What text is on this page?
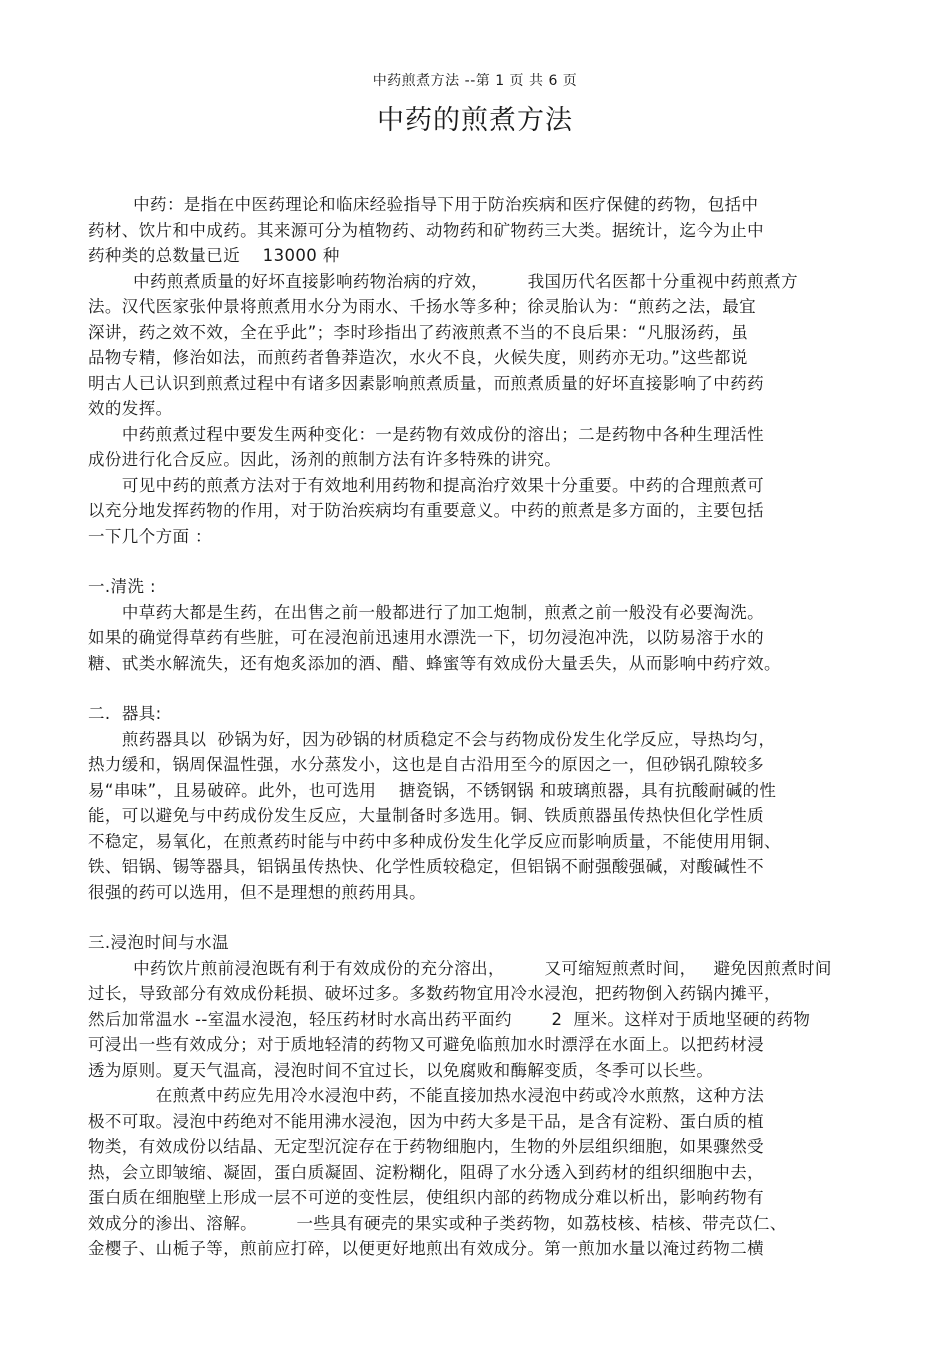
中药煎煮方法 --第 1 页 共 6 页
中药的煎煮方法
中药：是指在中医药理论和临床经验指导下用于防治疾病和医疗保健的药物，包括中
药材、饮片和中成药。其来源可分为植物药、动物药和矿物药三大类。据统计，迄今为止中
药种类的总数量已近    13000 种
中药煎煮质量的好坏直接影响药物治病的疗效，       我国历代名医都十分重视中药煎煮方
法。汉代医家张仲景将煎煮用水分为雨水、千扬水等多种；徐灵胎认为：“煎药之法，最宜
深讲，药之效不效，全在乎此”；李时珍指出了药液煎煮不当的不良后果：“凡服汤药，虽
品物专精，修治如法，而煎药者鲁莽造次，水火不良，火候失度，则药亦无功。”这些都说
明古人已认识到煎煮过程中有诸多因素影响煎煮质量，而煎煮质量的好坏直接影响了中药药
效的发挥。
中药煎煮过程中要发生两种变化：一是药物有效成份的溶出；二是药物中各种生理活性
成份进行化合反应。因此，汤剂的煎制方法有许多特殊的讲究。
可见中药的煎煮方法对于有效地利用药物和提高治疗效果十分重要。中药的合理煎煮可
以充分地发挥药物的作用，对于防治疾病均有重要意义。中药的煎煮是多方面的，主要包括
一下几个方面 ：
一.清洗 :
中草药大都是生药，在出售之前一般都进行了加工炮制，煎煮之前一般没有必要淘洗。
如果的确觉得草药有些脏，可在浸泡前迅速用水漂洗一下，切勿浸泡冲洗，以防易溶于水的
糖、甙类水解流失，还有炮炙添加的酒、醋、蜂蜜等有效成份大量丢失，从而影响中药疗效。
二.  器具:
煎药器具以  砂锅为好，因为砂锅的材质稳定不会与药物成份发生化学反应，导热均匀，
热力缓和，锅周保温性强，水分蒸发小，这也是自古沿用至今的原因之一，但砂锅孔隙较多
易“串味”，且易破碎。此外，也可选用    搪瓷锅，不锈钢锅 和玻璃煎器，具有抗酸耐碱的性
能，可以避免与中药成份发生反应，大量制备时多选用。铜、铁质煎器虽传热快但化学性质
不稳定，易氧化，在煎煮药时能与中药中多种成份发生化学反应而影响质量，不能使用用铜、
铁、铝锅、锡等器具，铝锅虽传热快、化学性质较稳定，但铝锅不耐强酸强碱，对酸碱性不
很强的药可以选用，但不是理想的煎药用具。
三.浸泡时间与水温
中药饮片煎前浸泡既有利于有效成份的充分溶出，       又可缩短煎煮时间，   避免因煎煮时间
过长，导致部分有效成份耗损、破坏过多。多数药物宜用冷水浸泡，把药物倒入药锅内摊平，
然后加常温水 --室温水浸泡，轻压药材时水高出药平面约       2  厘米。这样对于质地坚硬的药物
可浸出一些有效成分；对于质地轻清的药物又可避免临煎加水时漂浮在水面上。以把药材浸
透为原则。夏天气温高，浸泡时间不宜过长，以免腐败和酶解变质，冬季可以长些。
在煎煮中药应先用冷水浸泡中药，不能直接加热水浸泡中药或冷水煎熬，这种方法
极不可取。浸泡中药绝对不能用沸水浸泡，因为中药大多是干品，是含有淀粉、蛋白质的植
物类，有效成份以结晶、无定型沉淀存在于药物细胞内，生物的外层组织细胞，如果骤然受
热，会立即皱缩、凝固，蛋白质凝固、淀粉糊化，阻碍了水分透入到药材的组织细胞中去，
蛋白质在细胞壁上形成一层不可逆的变性层，使组织内部的药物成分难以析出，影响药物有
效成分的渗出、溶解。       一些具有硬壳的果实或种子类药物，如荔枝核、桔核、带壳苡仁、
金樱子、山栀子等，煎前应打碎，以便更好地煎出有效成分。第一煎加水量以淹过药物二横
